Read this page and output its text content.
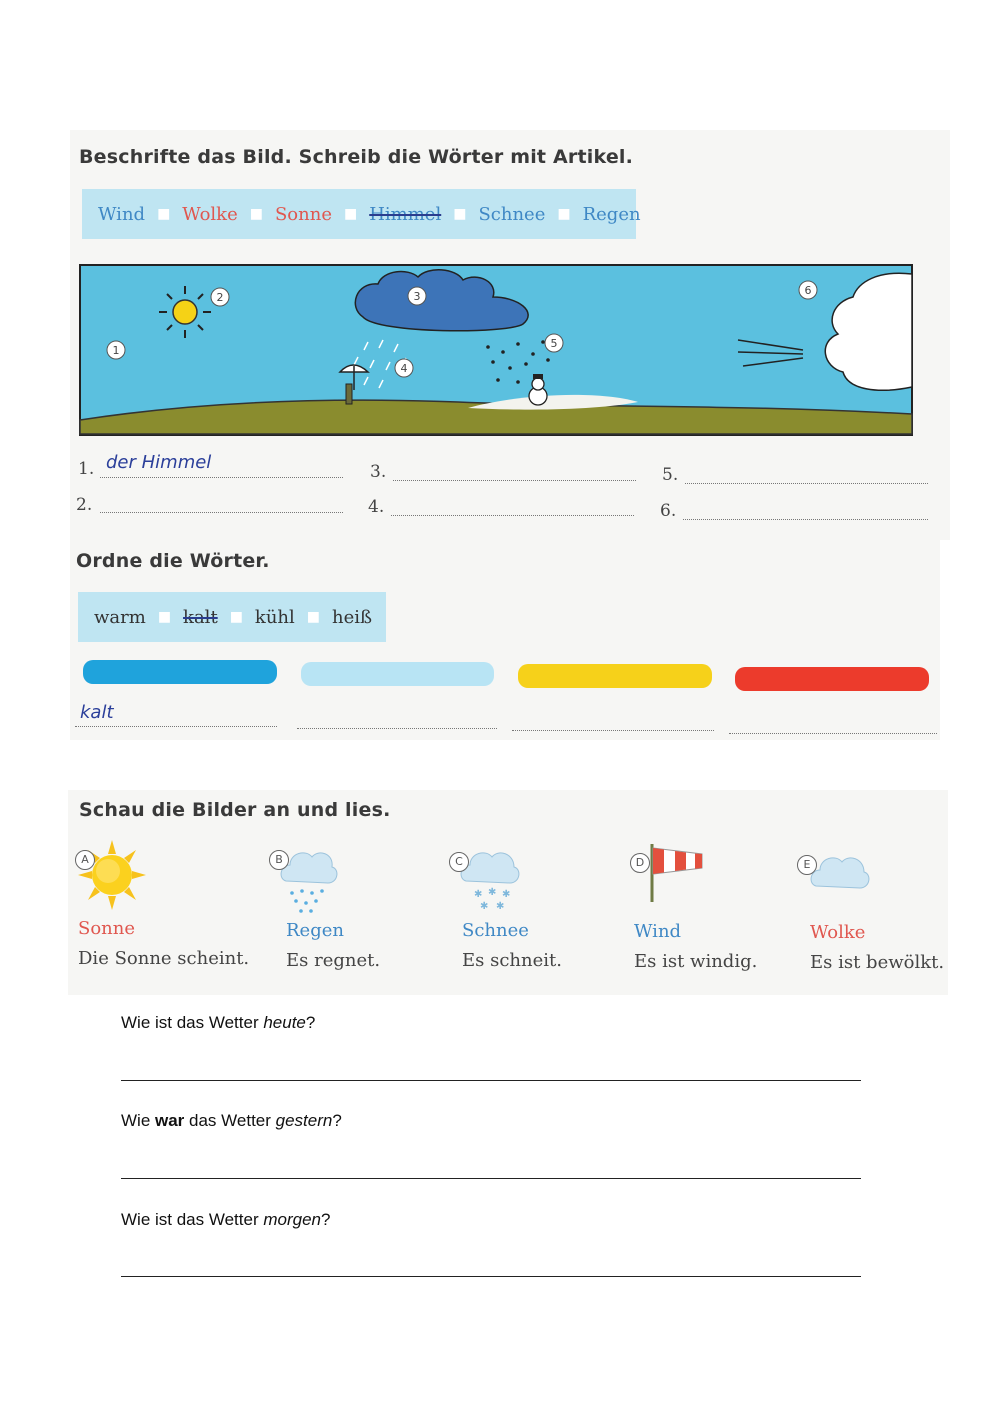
Beschrifte das Bild. Schreib die Wörter mit Artikel.
Wind ■ Wolke ■ Sonne ■ Himmel ■ Schnee ■ Regen
1
2	3
4
5
6
1. der Himmel
2.
3.
4.
5.
6.
Ordne die Wörter.
warm ■ kalt ■ kühl ■ heiß
kalt
Schau die Bilder an und lies.
A
Sonne
Die Sonne scheint.
B
Regen
Es regnet.
✱ ✱ ✱
✱ ✱
C
Schnee
Es schneit.
D
Wind
Es ist windig.
E
Wolke
Es ist bewölkt.
Wie ist das Wetter heute?
Wie war das Wetter gestern?
Wie ist das Wetter morgen?
